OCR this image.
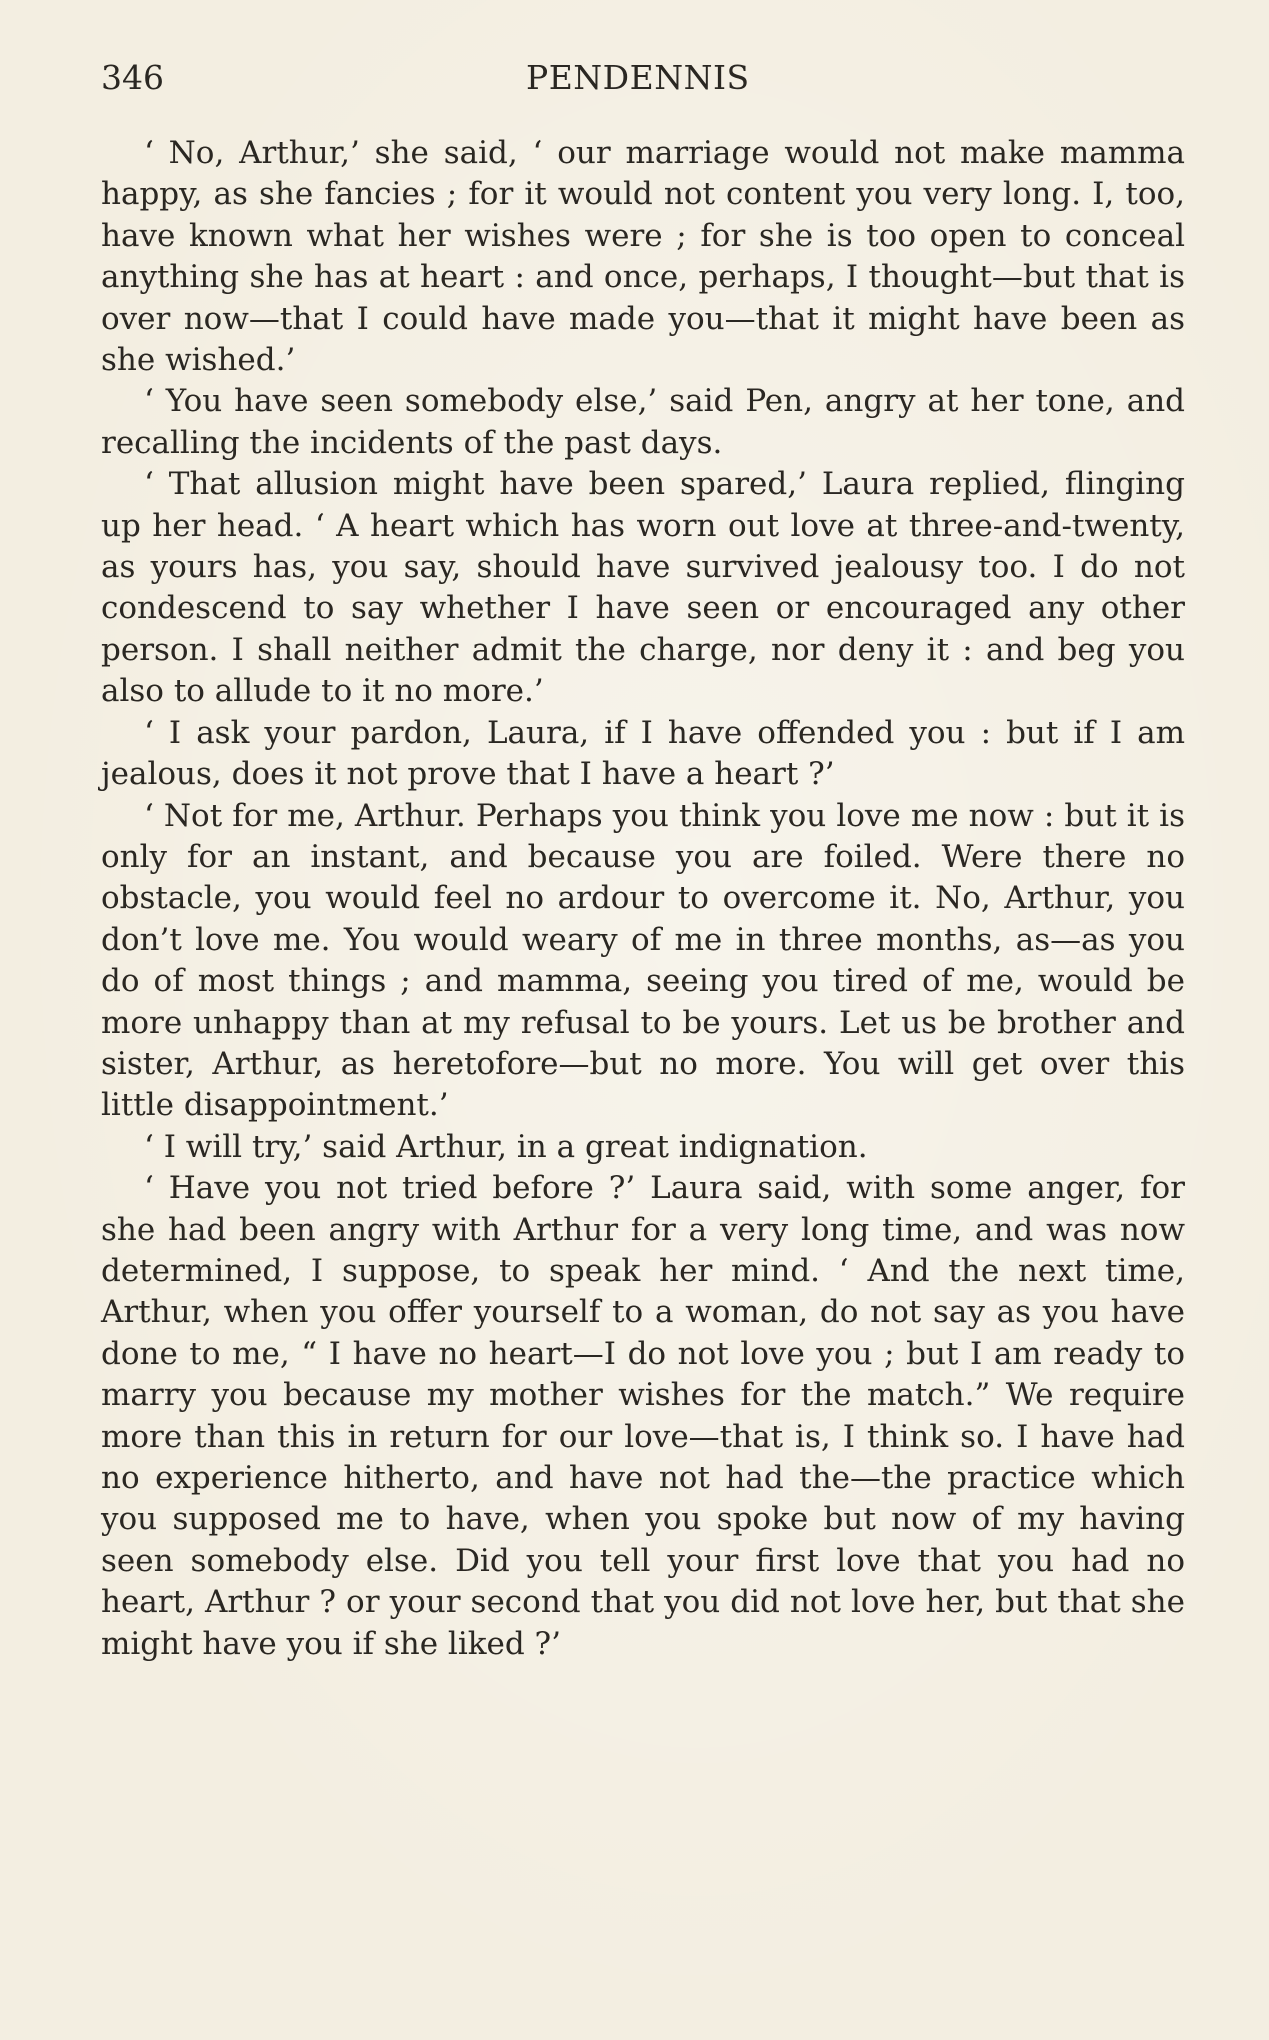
346	PENDENNIS

‘ No, Arthur,’ she said, ‘ our marriage would not make mamma happy, as she fancies ; for it would not content you very long. I, too, have known what her wishes were ; for she is too open to conceal anything she has at heart : and once, perhaps, I thought—but that is over now—that I could have made you—that it might have been as she wished.’

‘ You have seen somebody else,’ said Pen, angry at her tone, and recalling the incidents of the past days.

‘ That allusion might have been spared,’ Laura replied, flinging up her head. ‘ A heart which has worn out love at three-and-twenty, as yours has, you say, should have survived jealousy too. I do not condescend to say whether I have seen or encouraged any other person. I shall neither admit the charge, nor deny it : and beg you also to allude to it no more.’

‘ I ask your pardon, Laura, if I have offended you : but if I am jealous, does it not prove that I have a heart ?’

‘ Not for me, Arthur. Perhaps you think you love me now : but it is only for an instant, and because you are foiled. Were there no obstacle, you would feel no ardour to overcome it. No, Arthur, you don’t love me. You would weary of me in three months, as—as you do of most things ; and mamma, seeing you tired of me, would be more unhappy than at my refusal to be yours. Let us be brother and sister, Arthur, as heretofore—but no more. You will get over this little disappointment.’

‘ I will try,’ said Arthur, in a great indignation.

‘ Have you not tried before ?’ Laura said, with some anger, for she had been angry with Arthur for a very long time, and was now determined, I suppose, to speak her mind. ‘ And the next time, Arthur, when you offer yourself to a woman, do not say as you have done to me, “ I have no heart—I do not love you ; but I am ready to marry you because my mother wishes for the match.” We require more than this in return for our love—that is, I think so. I have had no experience hitherto, and have not had the—the practice which you supposed me to have, when you spoke but now of my having seen somebody else. Did you tell your first love that you had no heart, Arthur ? or your second that you did not love her, but that she might have you if she liked ?’
